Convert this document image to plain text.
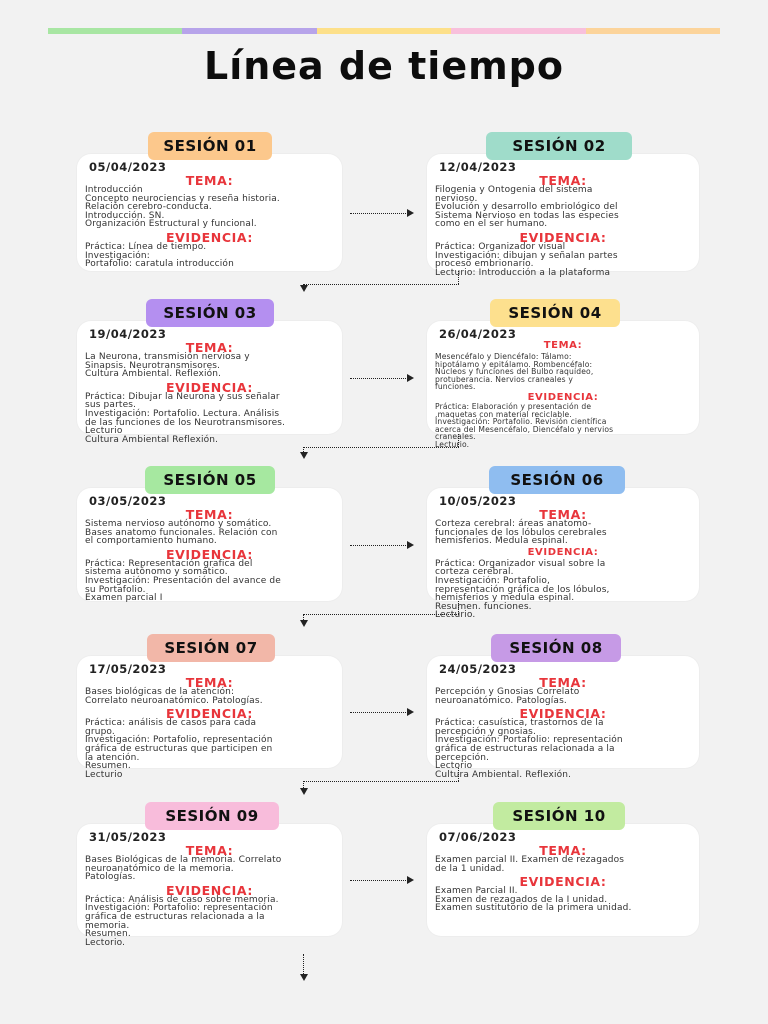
Línea de tiempo
SESIÓN 01
05/04/2023
TEMA:
Introducción
Concepto neurociencias y reseña historia.
Relación cerebro-conducta.
Introducción. SN.
Organización Estructural y funcional.
EVIDENCIA:
Práctica: Línea de tiempo.
Investigación:
Portafolio: caratula introducción
SESIÓN 02
12/04/2023
TEMA:
Filogenia y Ontogenia del sistema
nervioso.
Evolución y desarrollo embriológico del
Sistema Nervioso en todas las especies
como en el ser humano.
EVIDENCIA:
Práctica: Organizador visual
Investigación: dibujan y señalan partes
proceso embrionario.
Lecturio: Introducción a la plataforma
SESIÓN 03
19/04/2023
TEMA:
La Neurona, transmisión nerviosa y
Sinapsis. Neurotransmisores.
Cultura Ambiental. Reflexión.
EVIDENCIA:
Práctica: Dibujar la Neurona y sus señalar
sus partes.
Investigación: Portafolio. Lectura. Análisis
de las funciones de los Neurotransmisores.
Lecturio
Cultura Ambiental Reflexión.
SESIÓN 04
26/04/2023
TEMA:
Mesencéfalo y Diencéfalo: Tálamo:
hipotálamo y epitálamo. Rombencéfalo:
Núcleos y funciones del Bulbo raquídeo,
protuberancia. Nervios craneales y
funciones.
EVIDENCIA:
Práctica: Elaboración y presentación de
,maquetas con material reciclable.
Investigación: Portafolio. Revisión científica
acerca del Mesencéfalo, Diencéfalo y nervios
craneales.
Lecturio.
SESIÓN 05
03/05/2023
TEMA:
Sistema nervioso autónomo y somático.
Bases anatomo funcionales. Relación con
el comportamiento humano.
EVIDENCIA:
Práctica: Representación grafica del
sistema autónomo y somático.
Investigación: Presentación del avance de
su Portafolio.
Examen parcial I
SESIÓN 06
10/05/2023
TEMA:
Corteza cerebral: áreas anatomo-
funcionales de los lóbulos cerebrales
hemisferios. Medula espinal.
EVIDENCIA:
Práctica: Organizador visual sobre la
corteza cerebral.
Investigación: Portafolio,
representación gráfica de los lóbulos,
hemisferios y medula espinal.
Resumen. funciones.
Lecturio.
SESIÓN 07
17/05/2023
TEMA:
Bases biológicas de la atención:
Correlato neuroanatómico. Patologías.
EVIDENCIA:
Práctica: análisis de casos para cada
grupo.
Investigación: Portafolio, representación
gráfica de estructuras que participen en
la atención.
Resumen.
Lecturio
SESIÓN 08
24/05/2023
TEMA:
Percepción y Gnosias Correlato
neuroanatómico. Patologías.
EVIDENCIA:
Práctica: casuística, trastornos de la
percepción y gnosias.
Investigación: Portafolio: representación
gráfica de estructuras relacionada a la
percepción.
Lectorio
Cultura Ambiental. Reflexión.
SESIÓN 09
31/05/2023
TEMA:
Bases Biológicas de la memoria. Correlato
neuroanatómico de la memoria.
Patologías.
EVIDENCIA:
Práctica: Análisis de caso sobre memoria.
Investigación: Portafolio: representación
gráfica de estructuras relacionada a la
memoria.
Resumen.
Lectorio.
SESIÓN 10
07/06/2023
TEMA:
Examen parcial II. Examen de rezagados
de la 1 unidad.
EVIDENCIA:
Examen Parcial II.
Examen de rezagados de la I unidad.
Examen sustitutorio de la primera unidad.
